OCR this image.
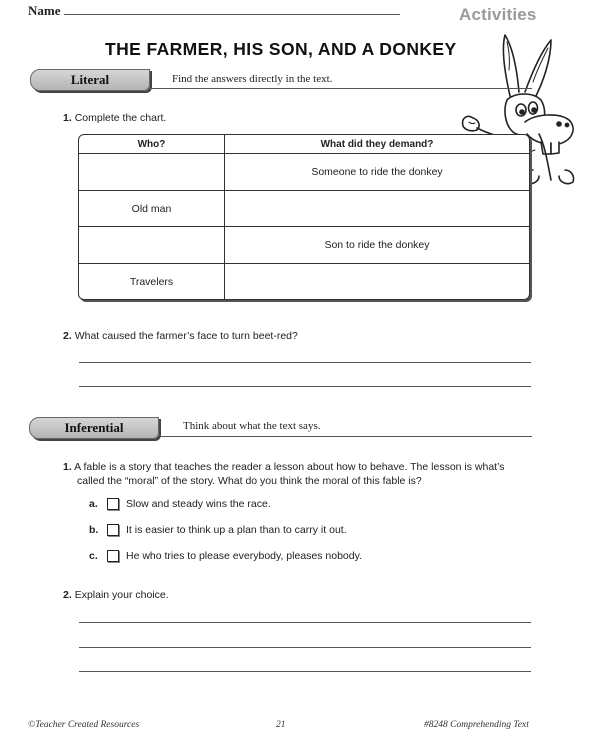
Name	Activities
THE FARMER, HIS SON, AND A DONKEY
Literal	Find the answers directly in the text.
1. Complete the chart.
Who?	What did they demand?
	Someone to ride the donkey
Old man	
	Son to ride the donkey
Travelers	
2. What caused the farmer’s face to turn beet-red?
Inferential	Think about what the text says.
1. A fable is a story that teaches the reader a lesson about how to behave. The lesson is what’s
called the “moral” of the story. What do you think the moral of this fable is?
a.	Slow and steady wins the race.
b.	It is easier to think up a plan than to carry it out.
c.	He who tries to please everybody, pleases nobody.
2. Explain your choice.
©Teacher Created Resources	21	#8248 Comprehending Text
